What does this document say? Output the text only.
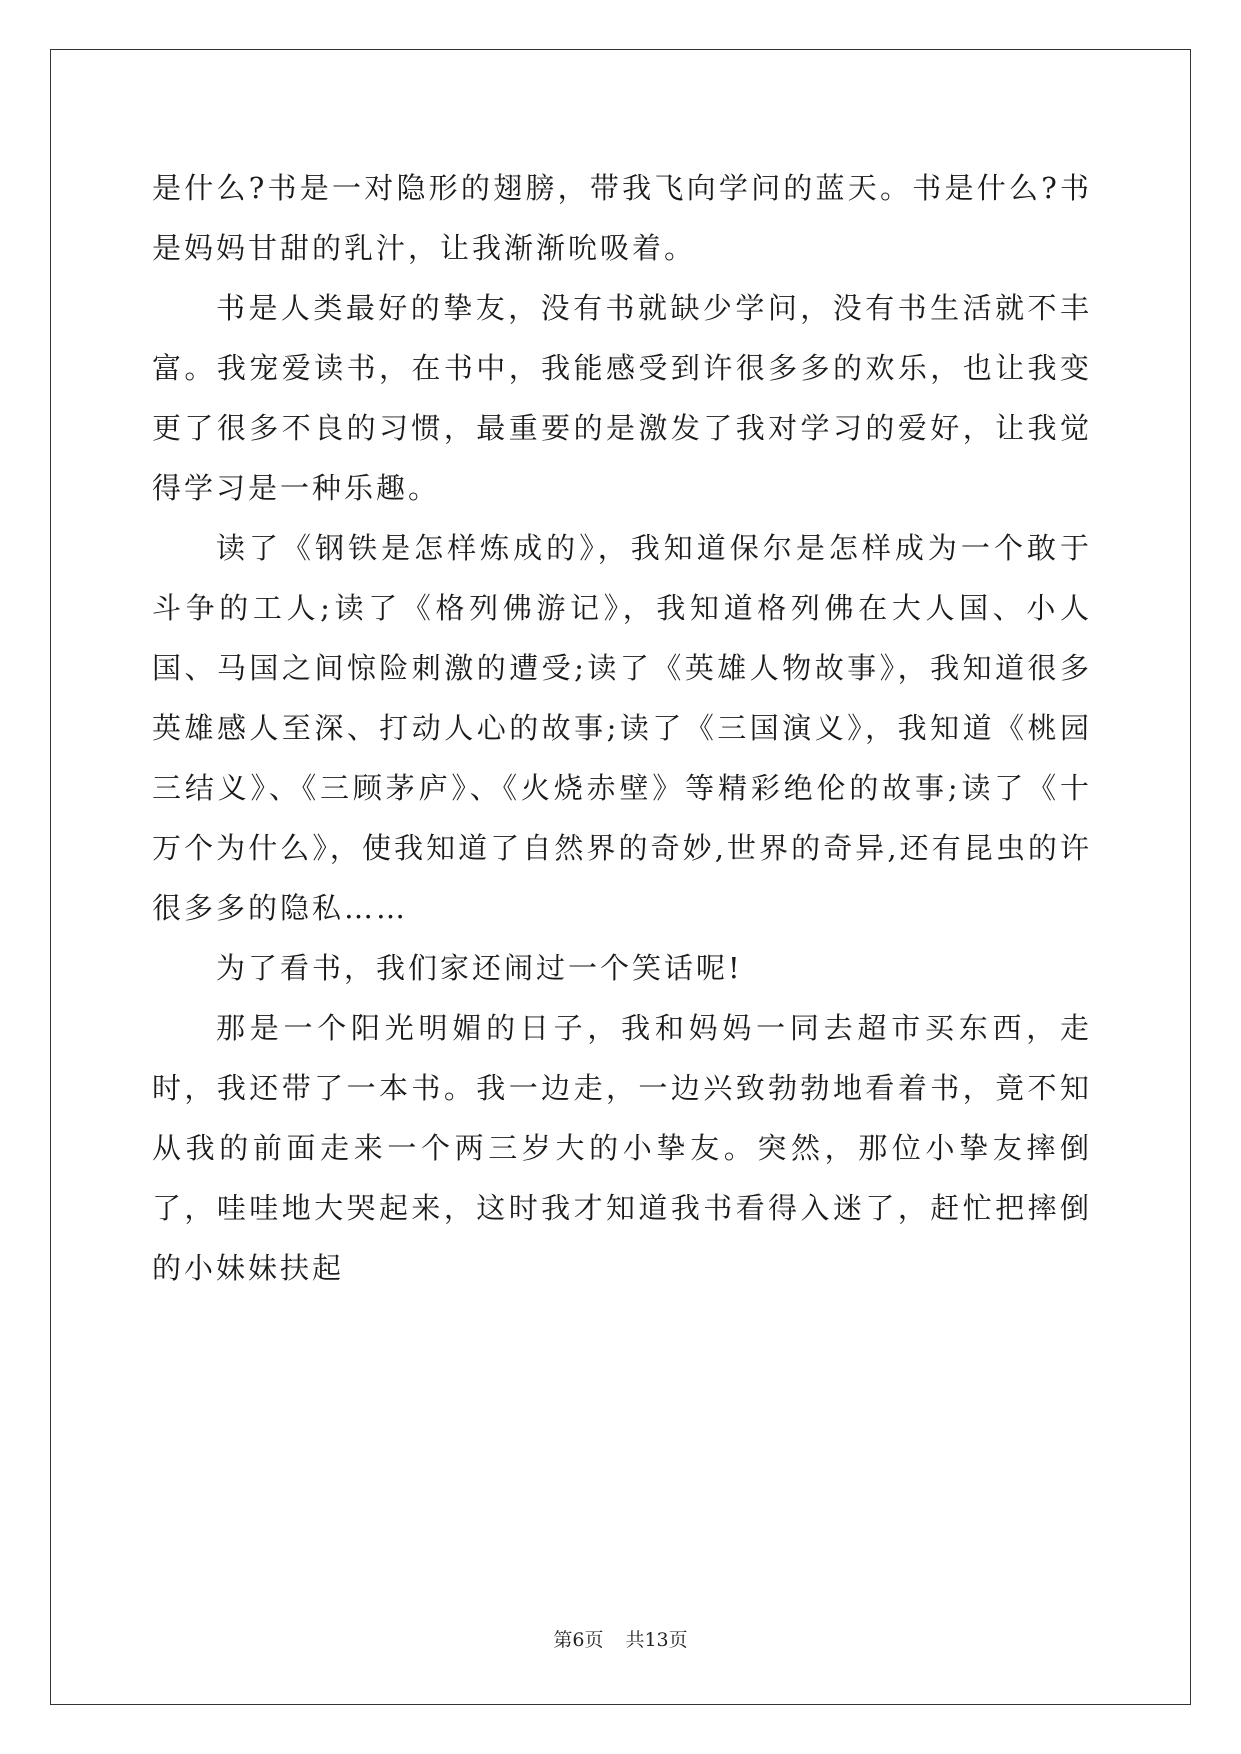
是什么?书是一对隐形的翅膀，带我飞向学问的蓝天。书是什么?书是妈妈甘甜的乳汁，让我渐渐吮吸着。

书是人类最好的挚友，没有书就缺少学问，没有书生活就不丰富。我宠爱读书，在书中，我能感受到许很多多的欢乐，也让我变更了很多不良的习惯，最重要的是激发了我对学习的爱好，让我觉得学习是一种乐趣。

读了《钢铁是怎样炼成的》，我知道保尔是怎样成为一个敢于斗争的工人;读了《格列佛游记》，我知道格列佛在大人国、小人国、马国之间惊险刺激的遭受;读了《英雄人物故事》，我知道很多英雄感人至深、打动人心的故事;读了《三国演义》，我知道《桃园三结义》、《三顾茅庐》、《火烧赤壁》等精彩绝伦的故事;读了《十万个为什么》，使我知道了自然界的奇妙,世界的奇异,还有昆虫的许很多多的隐私……

为了看书，我们家还闹过一个笑话呢!

那是一个阳光明媚的日子，我和妈妈一同去超市买东西，走时，我还带了一本书。我一边走，一边兴致勃勃地看着书，竟不知从我的前面走来一个两三岁大的小挚友。突然，那位小挚友摔倒了，哇哇地大哭起来，这时我才知道我书看得入迷了，赶忙把摔倒的小妹妹扶起

第6页 共13页
